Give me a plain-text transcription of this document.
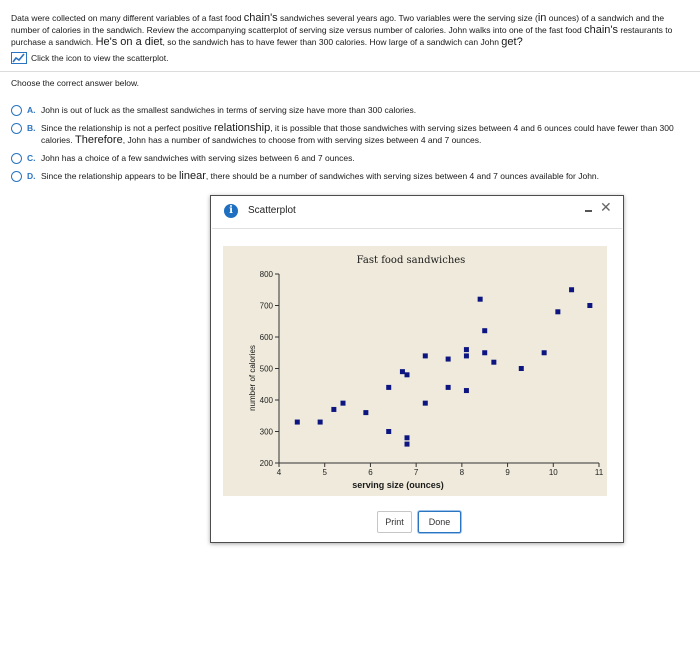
Data were collected on many different variables of a fast food chain's sandwiches several years ago. Two variables were the serving size (in ounces) of a sandwich and the number of calories in the sandwich. Review the accompanying scatterplot of serving size versus number of calories. John walks into one of the fast food chain's restaurants to purchase a sandwich. He's on a diet, so the sandwich has to have fewer than 300 calories. How large of a sandwich can John get?
Click the icon to view the scatterplot.
Choose the correct answer below.
A. John is out of luck as the smallest sandwiches in terms of serving size have more than 300 calories.
B. Since the relationship is not a perfect positive relationship, it is possible that those sandwiches with serving sizes between 4 and 6 ounces could have fewer than 300 calories. Therefore, John has a number of sandwiches to choose from with serving sizes between 4 and 7 ounces.
C. John has a choice of a few sandwiches with serving sizes between 6 and 7 ounces.
D. Since the relationship appears to be linear, there should be a number of sandwiches with serving sizes between 4 and 7 ounces available for John.
i	Scatterplot	✕
Fast food sandwiches
serving size (ounces)
number of calories
200
300
400
500
600
700
800
4	5	6	7	8	9	10	11
Print	Done
